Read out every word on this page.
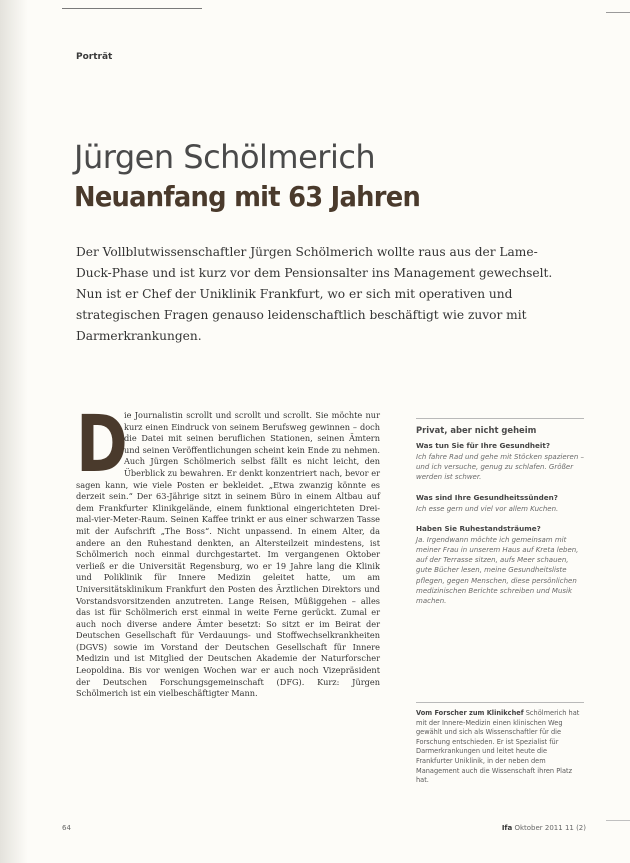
Porträt
Jürgen Schölmerich
Neuanfang mit 63 Jahren

Der Vollblutwissenschaftler Jürgen Schölmerich wollte raus aus der Lame-Duck-Phase und ist kurz vor dem Pensionsalter ins Management gewechselt. Nun ist er Chef der Uniklinik Frankfurt, wo er sich mit operativen und strategischen Fragen genauso leidenschaftlich beschäftigt wie zuvor mit Darmerkrankungen.

D
ie Journalistin scrollt und scrollt und scrollt. Sie möchte nur kurz einen Eindruck von seinem Berufsweg gewinnen – doch die Datei mit seinen beruflichen Stationen, seinen Ämtern und seinen Veröffentlichungen scheint kein Ende zu nehmen. Auch Jürgen Schölmerich selbst fällt es nicht leicht, den Überblick zu bewahren. Er denkt konzentriert nach, bevor er sagen kann, wie viele Posten er bekleidet. „Etwa zwanzig könnte es derzeit sein.“ Der 63-Jährige sitzt in seinem Büro in einem Altbau auf dem Frankfurter Klinikgelände, einem funktional eingerichteten Drei-mal-vier-Meter-Raum. Seinen Kaffee trinkt er aus einer schwarzen Tasse mit der Aufschrift „The Boss“. Nicht unpassend. In einem Alter, da andere an den Ruhestand denkten, an Altersteilzeit mindestens, ist Schölmerich noch einmal durchgestartet. Im vergangenen Oktober verließ er die Universität Regensburg, wo er 19 Jahre lang die Klinik und Poliklinik für Innere Medizin geleitet hatte, um am Universitätsklinikum Frankfurt den Posten des Ärztlichen Direktors und Vorstandsvorsitzenden anzutreten. Lange Reisen, Müßiggehen – alles das ist für Schölmerich erst einmal in weite Ferne gerückt. Zumal er auch noch diverse andere Ämter besetzt: So sitzt er im Beirat der Deutschen Gesellschaft für Verdauungs- und Stoffwechselkrankheiten (DGVS) sowie im Vorstand der Deutschen Gesellschaft für Innere Medizin und ist Mitglied der Deutschen Akademie der Naturforscher Leopoldina. Bis vor wenigen Wochen war er auch noch Vizepräsident der Deutschen Forschungsgemeinschaft (DFG). Kurz: Jürgen Schölmerich ist ein vielbeschäftigter Mann.
Privat, aber nicht geheim
Was tun Sie für Ihre Gesundheit?

Ich fahre Rad und gehe mit Stöcken spazieren – und ich versuche, genug zu schlafen. Größer werden ist schwer.

Was sind Ihre Gesundheitssünden?

Ich esse gern und viel vor allem Kuchen.

Haben Sie Ruhestandsträume?

Ja. Irgendwann möchte ich gemeinsam mit meiner Frau in unserem Haus auf Kreta leben, auf der Terrasse sitzen, aufs Meer schauen, gute Bücher lesen, meine Gesundheitsliste pflegen, gegen Menschen, diese persönlichen medizinischen Berichte schreiben und Musik machen.

Vom Forscher zum Klinikchef Schölmerich hat mit der Innere-Medizin einen klinischen Weg gewählt und sich als Wissenschaftler für die Forschung entschieden. Er ist Spezialist für Darmerkrankungen und leitet heute die Frankfurter Uniklinik, in der neben dem Management auch die Wissenschaft ihren Platz hat.

64	Ifa Oktober 2011 11 (2)
